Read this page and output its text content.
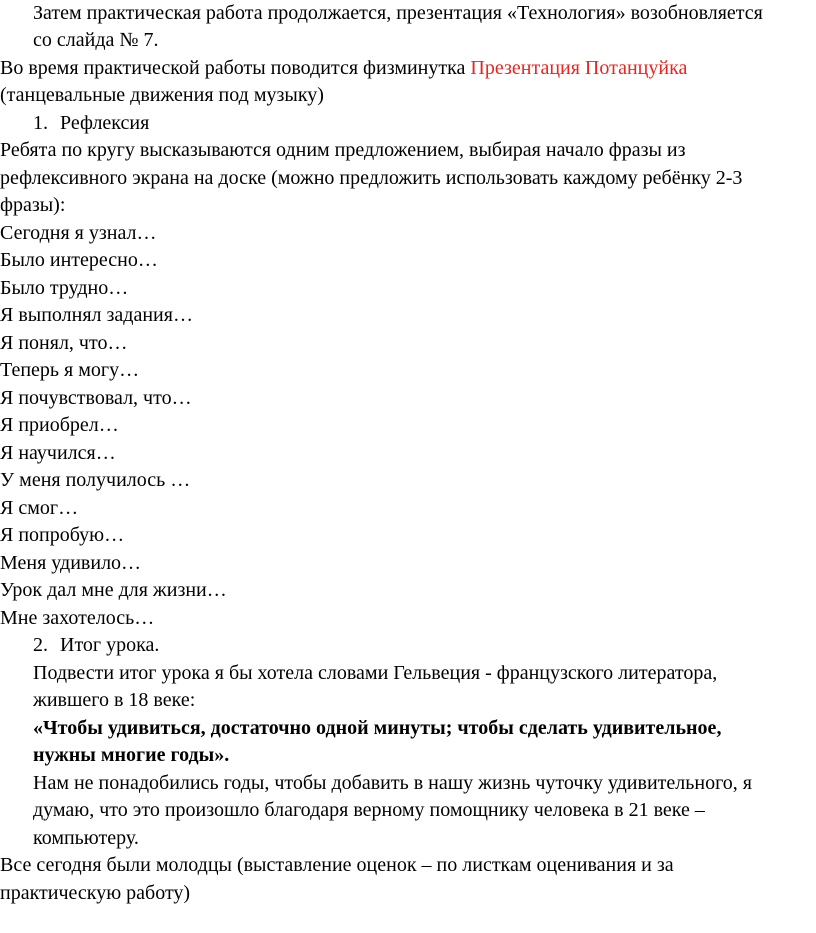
Затем практическая работа продолжается, презентация «Технология» возобновляется
со слайда № 7.
Во время практической работы поводится физминутка Презентация Потанцуйка
(танцевальные движения под музыку)
1. Рефлексия
Ребята по кругу высказываются одним предложением, выбирая начало фразы из
рефлексивного экрана на доске (можно предложить использовать каждому ребёнку 2-3
фразы):
Сегодня я узнал…
Было интересно…
Было трудно…
Я выполнял задания…
Я понял, что…
Теперь я могу…
Я почувствовал, что…
Я приобрел…
Я научился…
У меня получилось …
Я смог…
Я попробую…
Меня удивило…
Урок дал мне для жизни…
Мне захотелось…
2. Итог урока.
Подвести итог урока я бы хотела словами Гельвеция - французского литератора,
жившего в 18 веке:
«Чтобы удивиться, достаточно одной минуты; чтобы сделать удивительное,
нужны многие годы».
Нам не понадобились годы, чтобы добавить в нашу жизнь чуточку удивительного, я
думаю, что это произошло благодаря верному помощнику человека в 21 веке –
компьютеру.
Все сегодня были молодцы (выставление оценок – по листкам оценивания и за
практическую работу)
